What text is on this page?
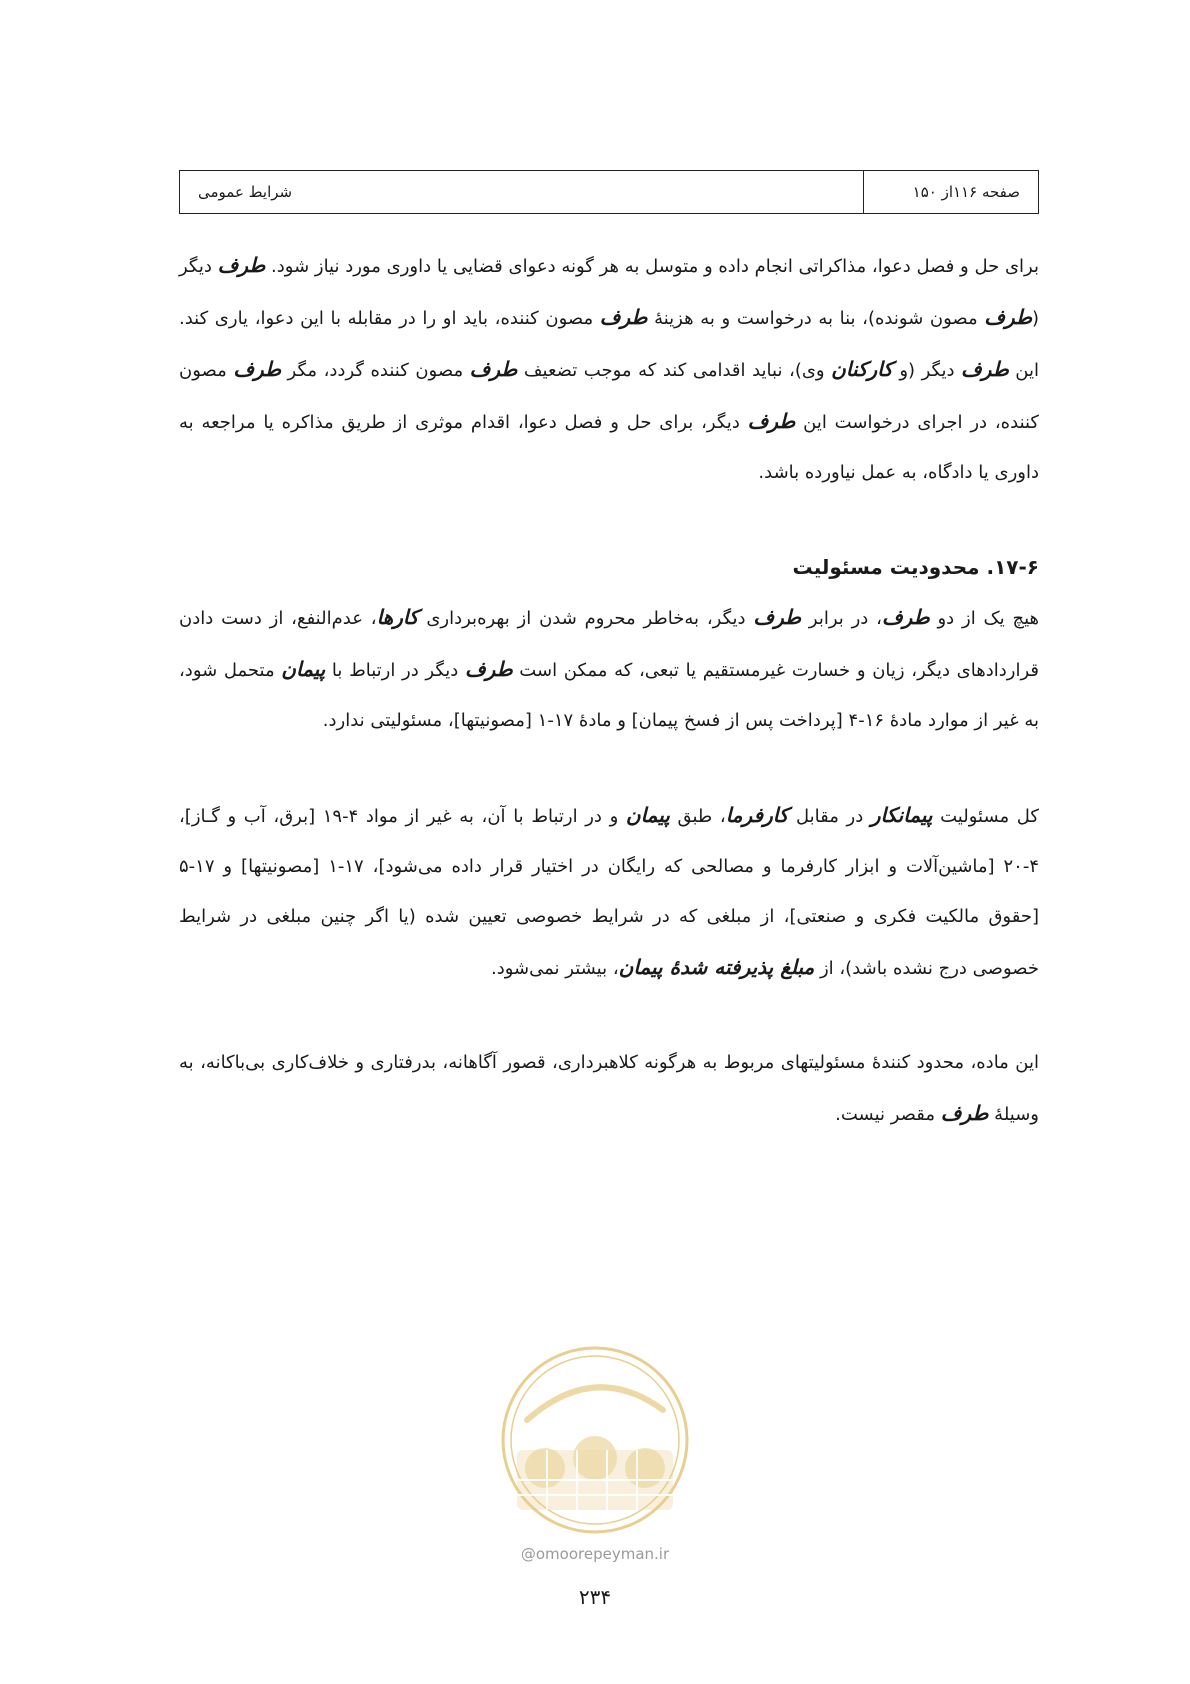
صفحه ۱۱۶از ۱۵۰
شرایط عمومی

برای حل و فصل دعوا، مذاکراتی انجام داده و متوسل به هر گونه دعوای قضایی یا داوری مورد نیاز شود. طرف دیگر (طرف مصون شونده)، بنا به درخواست و به هزینهٔ طرف مصون کننده، باید او را در مقابله با این دعوا، یاری کند. این طرف دیگر (و کارکنان وی)، نباید اقدامی کند که موجب تضعیف طرف مصون کننده گردد، مگر طرف مصون کننده، در اجرای درخواست این طرف دیگر، برای حل و فصل دعوا، اقدام موثری از طریق مذاکره یا مراجعه به داوری یا دادگاه، به عمل نیاورده باشد.

۱۷-۶. محدودیت مسئولیت

هیچ یک از دو طرف، در برابر طرف دیگر، به‌خاطر محروم شدن از بهره‌برداری کارها، عدم‌النفع، از دست دادن قراردادهای دیگر، زیان و خسارت غیرمستقیم یا تبعی، که ممکن است طرف دیگر در ارتباط با پیمان متحمل شود، به غیر از موارد مادهٔ ۱۶-۴ [پرداخت پس از فسخ پیمان] و مادهٔ ۱۷-۱ [مصونیتها]، مسئولیتی ندارد.

کل مسئولیت پیمانکار در مقابل کارفرما، طبق پیمان و در ارتباط با آن، به غیر از مواد ۴-۱۹ [برق، آب و گـاز]، ۴-۲۰ [ماشین‌آلات و ابزار کارفرما و مصالحی که رایگان در اختیار قرار داده می‌شود]، ۱۷-۱ [مصونیتها] و ۱۷-۵ [حقوق مالکیت فکری و صنعتی]، از مبلغی که در شرایط خصوصی تعیین شده (یا اگر چنین مبلغی در شرایط خصوصی درج نشده باشد)، از مبلغ پذیرفته شدهٔ پیمان، بیشتر نمی‌شود.

این ماده، محدود کنندهٔ مسئولیتهای مربوط به هرگونه کلاهبرداری، قصور آگاهانه، بدرفتاری و خلاف‌کاری بی‌باکانه، به وسیلهٔ طرف مقصر نیست.

@omoorepeyman.ir
۲۳۴
